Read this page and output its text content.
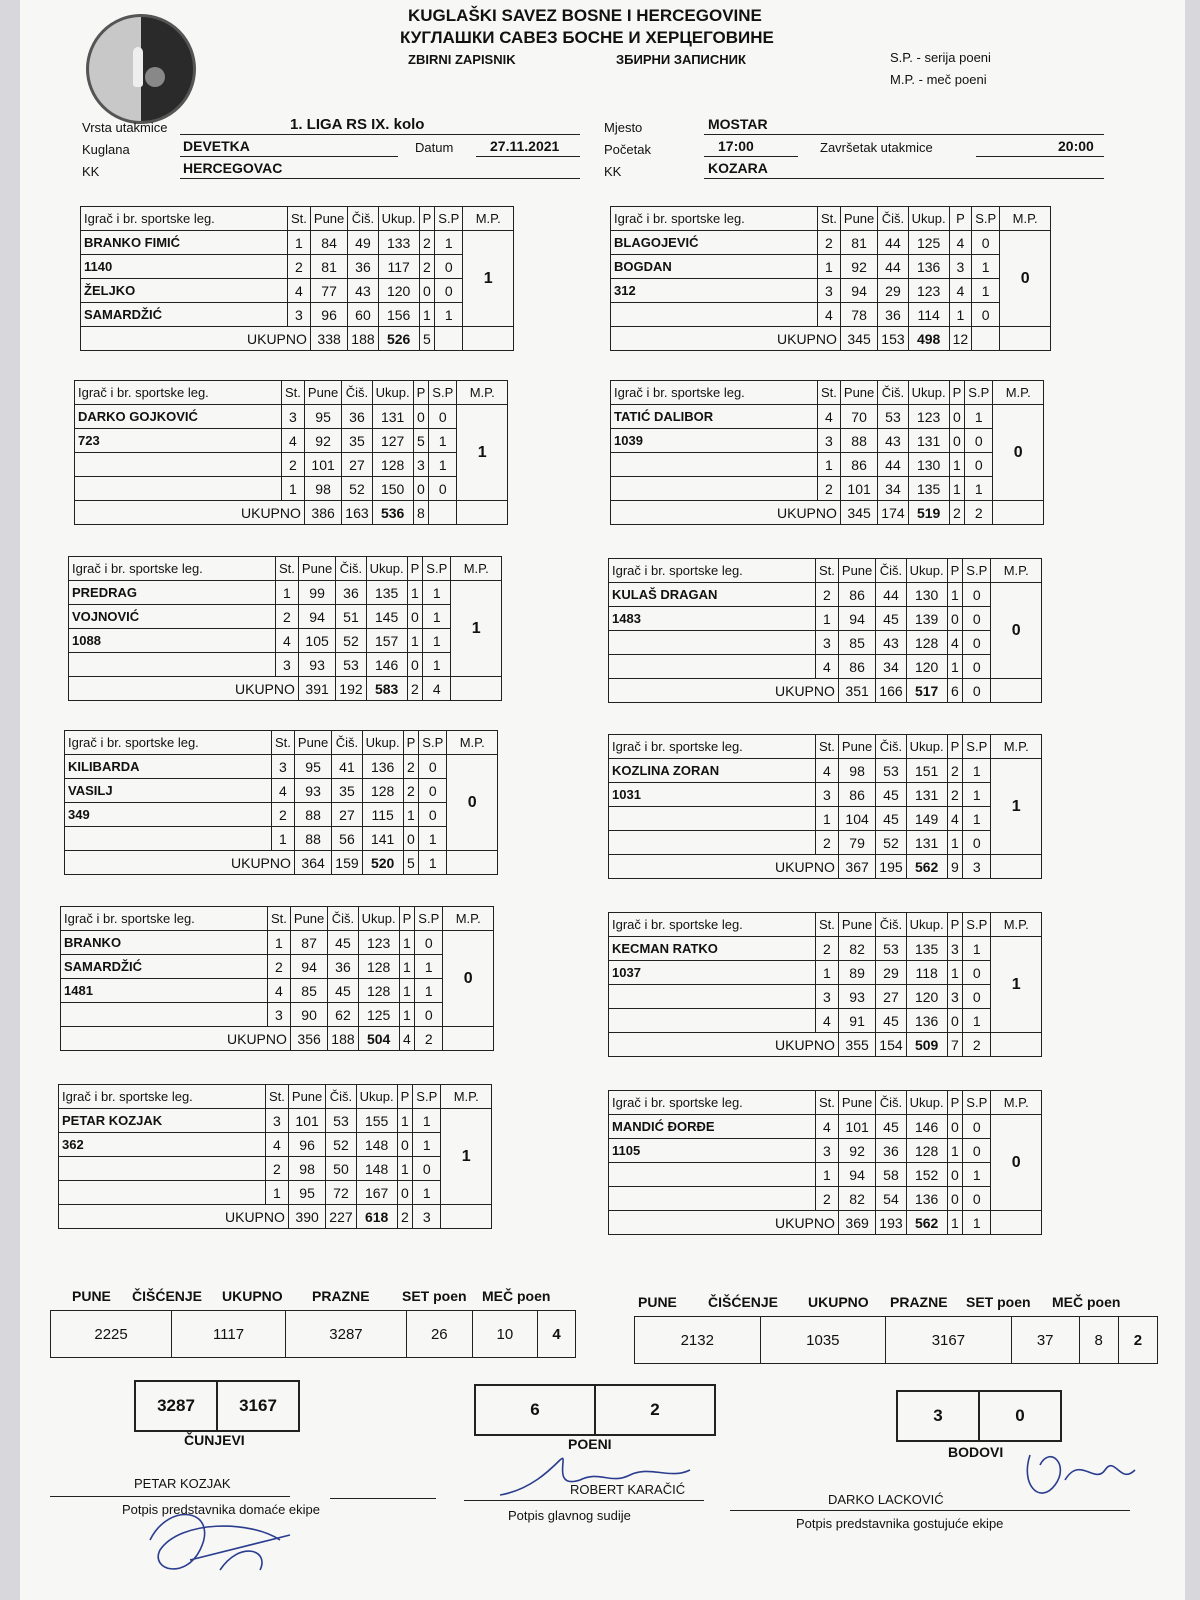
KUGLAŠKI SAVEZ BOSNE I HERCEGOVINE
КУГЛАШКИ САВЕЗ БОСНЕ И ХЕРЦЕГОВИНЕ
ZBIRNI ZAPISNIK	ЗБИРНИ ЗАПИСНИК	S.P. - serija poeni
M.P. - meč poeni
Vrsta utakmice	1. LIGA RS IX. kolo
Kuglana	DEVETKA	Datum	27.11.2021
KK	HERCEGOVAC
Mjesto	MOSTAR
Početak	17:00	Završetak utakmice	20:00
KK	KOZARA
Igrač i br. sportske leg.	St.	Pune	Čiš.	Ukup.	P	S.P	M.P.
BRANKO FIMIĆ	1	84	49	133	2	1	1
1140	2	81	36	117	2	0	
ŽELJKO	4	77	43	120	0	0	
SAMARDŽIĆ	3	96	60	156	1	1	
UKUPNO		338	188	526	5		
Igrač i br. sportske leg.	St.	Pune	Čiš.	Ukup.	P	S.P	M.P.
DARKO GOJKOVIĆ	3	95	36	131	0	0	1
723	4	92	35	127	5	1	
	2	101	27	128	3	1	
	1	98	52	150	0	0	
UKUPNO		386	163	536	8		
Igrač i br. sportske leg.	St.	Pune	Čiš.	Ukup.	P	S.P	M.P.
PREDRAG	1	99	36	135	1	1	1
VOJNOVIĆ	2	94	51	145	0	1	
1088	4	105	52	157	1	1	
	3	93	53	146	0	1	
UKUPNO		391	192	583	2	4	
Igrač i br. sportske leg.	St.	Pune	Čiš.	Ukup.	P	S.P	M.P.
KILIBARDA	3	95	41	136	2	0	0
VASILJ	4	93	35	128	2	0	
349	2	88	27	115	1	0	
	1	88	56	141	0	1	
UKUPNO		364	159	520	5	1	
Igrač i br. sportske leg.	St.	Pune	Čiš.	Ukup.	P	S.P	M.P.
BRANKO	1	87	45	123	1	0	0
SAMARDŽIĆ	2	94	36	128	1	1	
1481	4	85	45	128	1	1	
	3	90	62	125	1	0	
UKUPNO		356	188	504	4	2	
Igrač i br. sportske leg.	St.	Pune	Čiš.	Ukup.	P	S.P	M.P.
PETAR KOZJAK	3	101	53	155	1	1	1
362	4	96	52	148	0	1	
	2	98	50	148	1	0	
	1	95	72	167	0	1	
UKUPNO		390	227	618	2	3	
Igrač i br. sportske leg.	St.	Pune	Čiš.	Ukup.	P	S.P	M.P.
BLAGOJEVIĆ	2	81	44	125	4	0	0
BOGDAN	1	92	44	136	3	1	
312	3	94	29	123	4	1	
	4	78	36	114	1	0	
UKUPNO		345	153	498	12		
Igrač i br. sportske leg.	St.	Pune	Čiš.	Ukup.	P	S.P	M.P.
TATIĆ DALIBOR	4	70	53	123	0	1	0
1039	3	88	43	131	0	0	
	1	86	44	130	1	0	
	2	101	34	135	1	1	
UKUPNO		345	174	519	2	2	
Igrač i br. sportske leg.	St.	Pune	Čiš.	Ukup.	P	S.P	M.P.
KULAŠ DRAGAN	2	86	44	130	1	0	0
1483	1	94	45	139	0	0	
	3	85	43	128	4	0	
	4	86	34	120	1	0	
UKUPNO		351	166	517	6	0	
Igrač i br. sportske leg.	St.	Pune	Čiš.	Ukup.	P	S.P	M.P.
KOZLINA ZORAN	4	98	53	151	2	1	1
1031	3	86	45	131	2	1	
	1	104	45	149	4	1	
	2	79	52	131	1	0	
UKUPNO		367	195	562	9	3	
Igrač i br. sportske leg.	St.	Pune	Čiš.	Ukup.	P	S.P	M.P.
KECMAN RATKO	2	82	53	135	3	1	1
1037	1	89	29	118	1	0	
	3	93	27	120	3	0	
	4	91	45	136	0	1	
UKUPNO		355	154	509	7	2	
Igrač i br. sportske leg.	St.	Pune	Čiš.	Ukup.	P	S.P	M.P.
MANDIĆ ĐORĐE	4	101	45	146	0	0	0
1105	3	92	36	128	1	0	
	1	94	58	152	0	1	
	2	82	54	136	0	0	
UKUPNO		369	193	562	1	1	
PUNE ČIŠĆENJE UKUPNO PRAZNE SET poen MEČ poen
2225	1117	3287	26	10	4
PUNE ČIŠĆENJE UKUPNO PRAZNE SET poen MEČ poen
2132	1035	3167	37	8	2
3287	3167
ČUNJEVI
6	2
POENI
3	0
BODOVI
PETAR KOZJAK
Potpis predstavnika domaće ekipe
ROBERT KARAČIĆ
Potpis glavnog sudije
DARKO LACKOVIĆ
Potpis predstavnika gostujuće ekipe
